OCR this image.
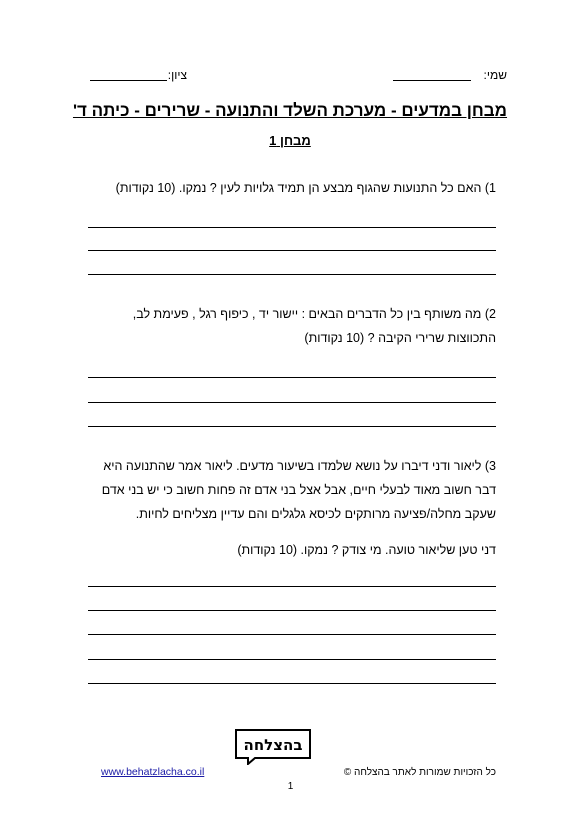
שמי:
ציון:
מבחן במדעים - מערכת השלד והתנועה - שרירים - כיתה ד'
מבחן 1
1) האם כל התנועות שהגוף מבצע הן תמיד גלויות לעין ? נמקו. (10 נקודות)
2) מה משותף בין כל הדברים הבאים : יישור יד , כיפוף רגל , פעימת לב,
התכווצות שרירי הקיבה ? (10 נקודות)
3) ליאור ודני דיברו על נושא שלמדו בשיעור מדעים. ליאור אמר שהתנועה היא
דבר חשוב מאוד לבעלי חיים, אבל אצל בני אדם זה פחות חשוב כי יש בני אדם
שעקב מחלה/פציעה מרותקים לכיסא גלגלים והם עדיין מצליחים לחיות.
דני טען שליאור טועה. מי צודק ? נמקו. (10 נקודות)
בהצלחה
www.behatzlacha.co.il	כל הזכויות שמורות לאתר בהצלחה ©
1
